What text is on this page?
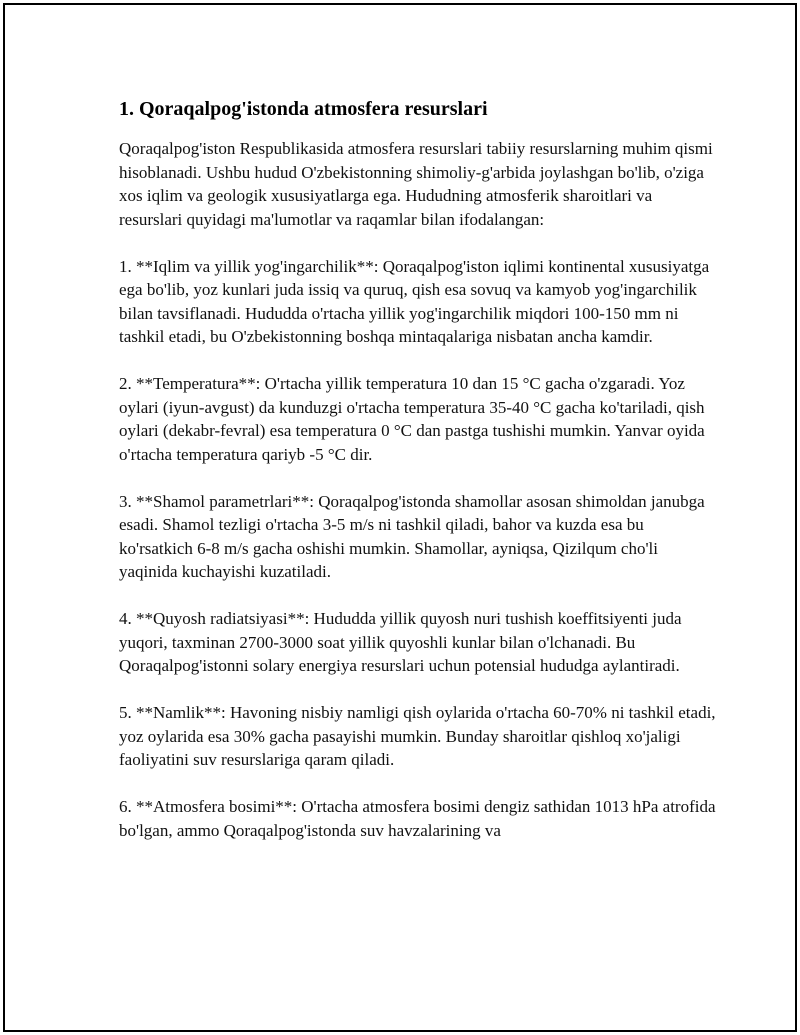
1. Qoraqalpog'istonda atmosfera resurslari

Qoraqalpog'iston Respublikasida atmosfera resurslari tabiiy resurslarning muhim qismi hisoblanadi. Ushbu hudud O'zbekistonning shimoliy-g'arbida joylashgan bo'lib, o'ziga xos iqlim va geologik xususiyatlarga ega. Hududning atmosferik sharoitlari va resurslari quyidagi ma'lumotlar va raqamlar bilan ifodalangan:

1. **Iqlim va yillik yog'ingarchilik**: Qoraqalpog'iston iqlimi kontinental xususiyatga ega bo'lib, yoz kunlari juda issiq va quruq, qish esa sovuq va kamyob yog'ingarchilik bilan tavsiflanadi. Hududda o'rtacha yillik yog'ingarchilik miqdori 100-150 mm ni tashkil etadi, bu O'zbekistonning boshqa mintaqalariga nisbatan ancha kamdir.

2. **Temperatura**: O'rtacha yillik temperatura 10 dan 15 °C gacha o'zgaradi. Yoz oylari (iyun-avgust) da kunduzgi o'rtacha temperatura 35-40 °C gacha ko'tariladi, qish oylari (dekabr-fevral) esa temperatura 0 °C dan pastga tushishi mumkin. Yanvar oyida o'rtacha temperatura qariyb -5 °C dir.

3. **Shamol parametrlari**: Qoraqalpog'istonda shamollar asosan shimoldan janubga esadi. Shamol tezligi o'rtacha 3-5 m/s ni tashkil qiladi, bahor va kuzda esa bu ko'rsatkich 6-8 m/s gacha oshishi mumkin. Shamollar, ayniqsa, Qizilqum cho'li yaqinida kuchayishi kuzatiladi.

4. **Quyosh radiatsiyasi**: Hududda yillik quyosh nuri tushish koeffitsiyenti juda yuqori, taxminan 2700-3000 soat yillik quyoshli kunlar bilan o'lchanadi. Bu Qoraqalpog'istonni solary energiya resurslari uchun potensial hududga aylantiradi.

5. **Namlik**: Havoning nisbiy namligi qish oylarida o'rtacha 60-70% ni tashkil etadi, yoz oylarida esa 30% gacha pasayishi mumkin. Bunday sharoitlar qishloq xo'jaligi faoliyatini suv resurslariga qaram qiladi.

6. **Atmosfera bosimi**: O'rtacha atmosfera bosimi dengiz sathidan 1013 hPa atrofida bo'lgan, ammo Qoraqalpog'istonda suv havzalarining va
